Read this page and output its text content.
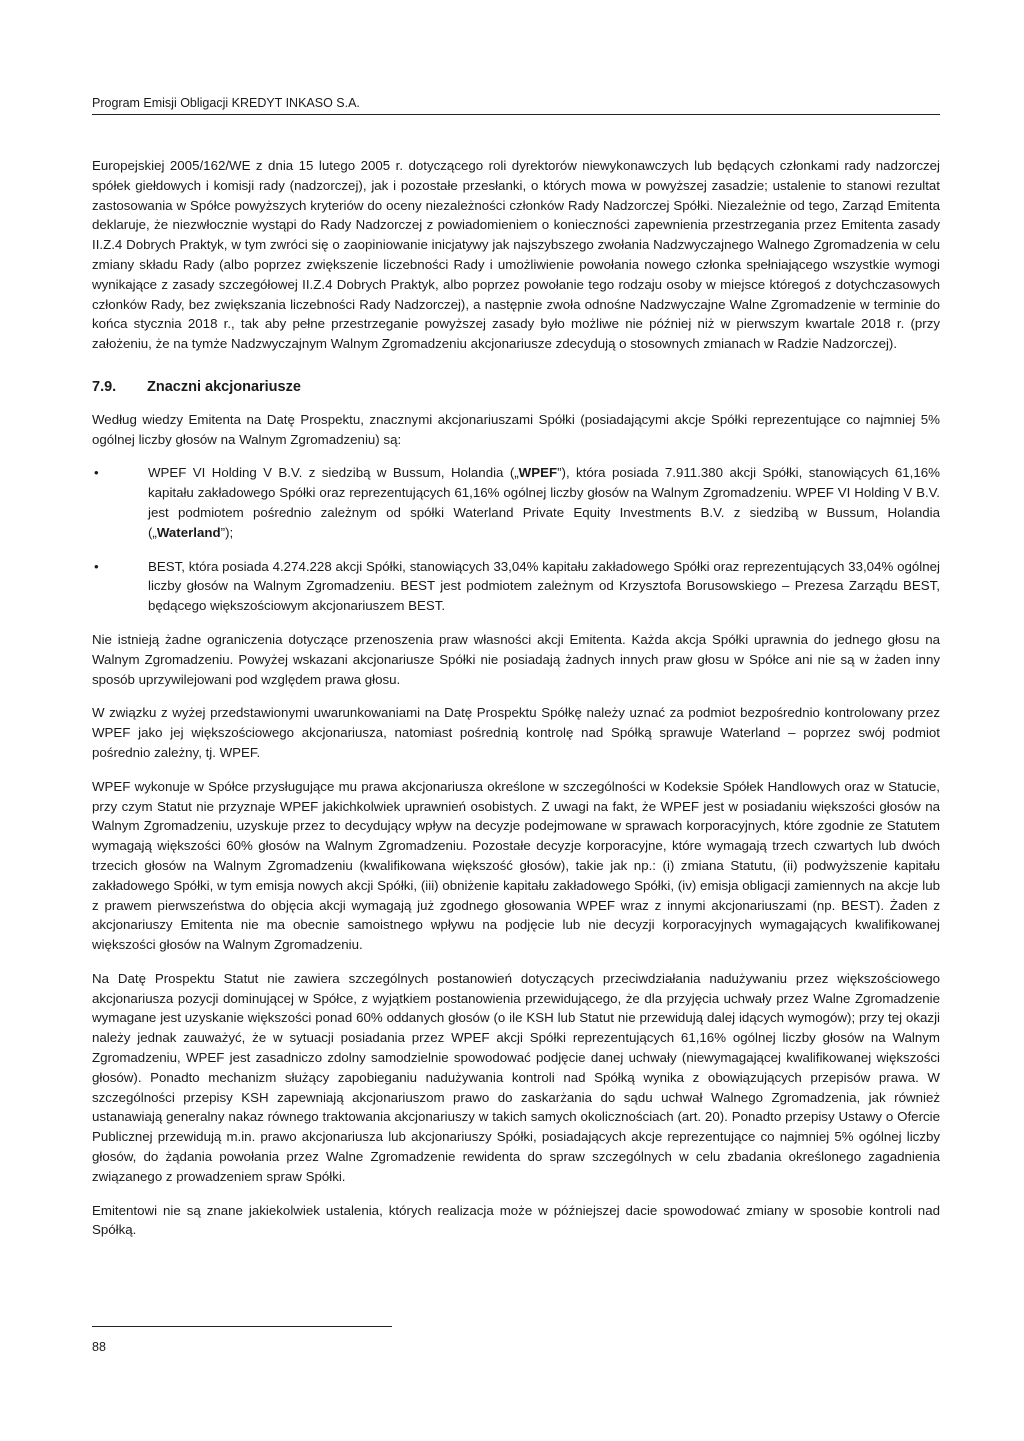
Program Emisji Obligacji KREDYT INKASO S.A.

Europejskiej 2005/162/WE z dnia 15 lutego 2005 r. dotyczącego roli dyrektorów niewykonawczych lub będących członkami rady nadzorczej spółek giełdowych i komisji rady (nadzorczej), jak i pozostałe przesłanki, o których mowa w powyższej zasadzie; ustalenie to stanowi rezultat zastosowania w Spółce powyższych kryteriów do oceny niezależności członków Rady Nadzorczej Spółki. Niezależnie od tego, Zarząd Emitenta deklaruje, że niezwłocznie wystąpi do Rady Nadzorczej z powiadomieniem o konieczności zapewnienia przestrzegania przez Emitenta zasady II.Z.4 Dobrych Praktyk, w tym zwróci się o zaopiniowanie inicjatywy jak najszybszego zwołania Nadzwyczajnego Walnego Zgromadzenia w celu zmiany składu Rady (albo poprzez zwiększenie liczebności Rady i umożliwienie powołania nowego członka spełniającego wszystkie wymogi wynikające z zasady szczegółowej II.Z.4 Dobrych Praktyk, albo poprzez powołanie tego rodzaju osoby w miejsce któregoś z dotychczasowych członków Rady, bez zwiększania liczebności Rady Nadzorczej), a następnie zwoła odnośne Nadzwyczajne Walne Zgromadzenie w terminie do końca stycznia 2018 r., tak aby pełne przestrzeganie powyższej zasady było możliwe nie później niż w pierwszym kwartale 2018 r. (przy założeniu, że na tymże Nadzwyczajnym Walnym Zgromadzeniu akcjonariusze zdecydują o stosownych zmianach w Radzie Nadzorczej).

7.9. Znaczni akcjonariusze

Według wiedzy Emitenta na Datę Prospektu, znacznymi akcjonariuszami Spółki (posiadającymi akcje Spółki reprezentujące co najmniej 5% ogólnej liczby głosów na Walnym Zgromadzeniu) są:

•	WPEF VI Holding V B.V. z siedzibą w Bussum, Holandia („WPEF”), która posiada 7.911.380 akcji Spółki, stanowiących 61,16% kapitału zakładowego Spółki oraz reprezentujących 61,16% ogólnej liczby głosów na Walnym Zgromadzeniu. WPEF VI Holding V B.V. jest podmiotem pośrednio zależnym od spółki Waterland Private Equity Investments B.V. z siedzibą w Bussum, Holandia („Waterland”);
•	BEST, która posiada 4.274.228 akcji Spółki, stanowiących 33,04% kapitału zakładowego Spółki oraz reprezentujących 33,04% ogólnej liczby głosów na Walnym Zgromadzeniu. BEST jest podmiotem zależnym od Krzysztofa Borusowskiego – Prezesa Zarządu BEST, będącego większościowym akcjonariuszem BEST.

Nie istnieją żadne ograniczenia dotyczące przenoszenia praw własności akcji Emitenta. Każda akcja Spółki uprawnia do jednego głosu na Walnym Zgromadzeniu. Powyżej wskazani akcjonariusze Spółki nie posiadają żadnych innych praw głosu w Spółce ani nie są w żaden inny sposób uprzywilejowani pod względem prawa głosu.

W związku z wyżej przedstawionymi uwarunkowaniami na Datę Prospektu Spółkę należy uznać za podmiot bezpośrednio kontrolowany przez WPEF jako jej większościowego akcjonariusza, natomiast pośrednią kontrolę nad Spółką sprawuje Waterland – poprzez swój podmiot pośrednio zależny, tj. WPEF.

WPEF wykonuje w Spółce przysługujące mu prawa akcjonariusza określone w szczególności w Kodeksie Spółek Handlowych oraz w Statucie, przy czym Statut nie przyznaje WPEF jakichkolwiek uprawnień osobistych. Z uwagi na fakt, że WPEF jest w posiadaniu większości głosów na Walnym Zgromadzeniu, uzyskuje przez to decydujący wpływ na decyzje podejmowane w sprawach korporacyjnych, które zgodnie ze Statutem wymagają większości 60% głosów na Walnym Zgromadzeniu. Pozostałe decyzje korporacyjne, które wymagają trzech czwartych lub dwóch trzecich głosów na Walnym Zgromadzeniu (kwalifikowana większość głosów), takie jak np.: (i) zmiana Statutu, (ii) podwyższenie kapitału zakładowego Spółki, w tym emisja nowych akcji Spółki, (iii) obniżenie kapitału zakładowego Spółki, (iv) emisja obligacji zamiennych na akcje lub z prawem pierwszeństwa do objęcia akcji wymagają już zgodnego głosowania WPEF wraz z innymi akcjonariuszami (np. BEST). Żaden z akcjonariuszy Emitenta nie ma obecnie samoistnego wpływu na podjęcie lub nie decyzji korporacyjnych wymagających kwalifikowanej większości głosów na Walnym Zgromadzeniu.

Na Datę Prospektu Statut nie zawiera szczególnych postanowień dotyczących przeciwdziałania nadużywaniu przez większościowego akcjonariusza pozycji dominującej w Spółce, z wyjątkiem postanowienia przewidującego, że dla przyjęcia uchwały przez Walne Zgromadzenie wymagane jest uzyskanie większości ponad 60% oddanych głosów (o ile KSH lub Statut nie przewidują dalej idących wymogów); przy tej okazji należy jednak zauważyć, że w sytuacji posiadania przez WPEF akcji Spółki reprezentujących 61,16% ogólnej liczby głosów na Walnym Zgromadzeniu, WPEF jest zasadniczo zdolny samodzielnie spowodować podjęcie danej uchwały (niewymagającej kwalifikowanej większości głosów). Ponadto mechanizm służący zapobieganiu nadużywania kontroli nad Spółką wynika z obowiązujących przepisów prawa. W szczególności przepisy KSH zapewniają akcjonariuszom prawo do zaskarżania do sądu uchwał Walnego Zgromadzenia, jak również ustanawiają generalny nakaz równego traktowania akcjonariuszy w takich samych okolicznościach (art. 20). Ponadto przepisy Ustawy o Ofercie Publicznej przewidują m.in. prawo akcjonariusza lub akcjonariuszy Spółki, posiadających akcje reprezentujące co najmniej 5% ogólnej liczby głosów, do żądania powołania przez Walne Zgromadzenie rewidenta do spraw szczególnych w celu zbadania określonego zagadnienia związanego z prowadzeniem spraw Spółki.

Emitentowi nie są znane jakiekolwiek ustalenia, których realizacja może w późniejszej dacie spowodować zmiany w sposobie kontroli nad Spółką.

88
